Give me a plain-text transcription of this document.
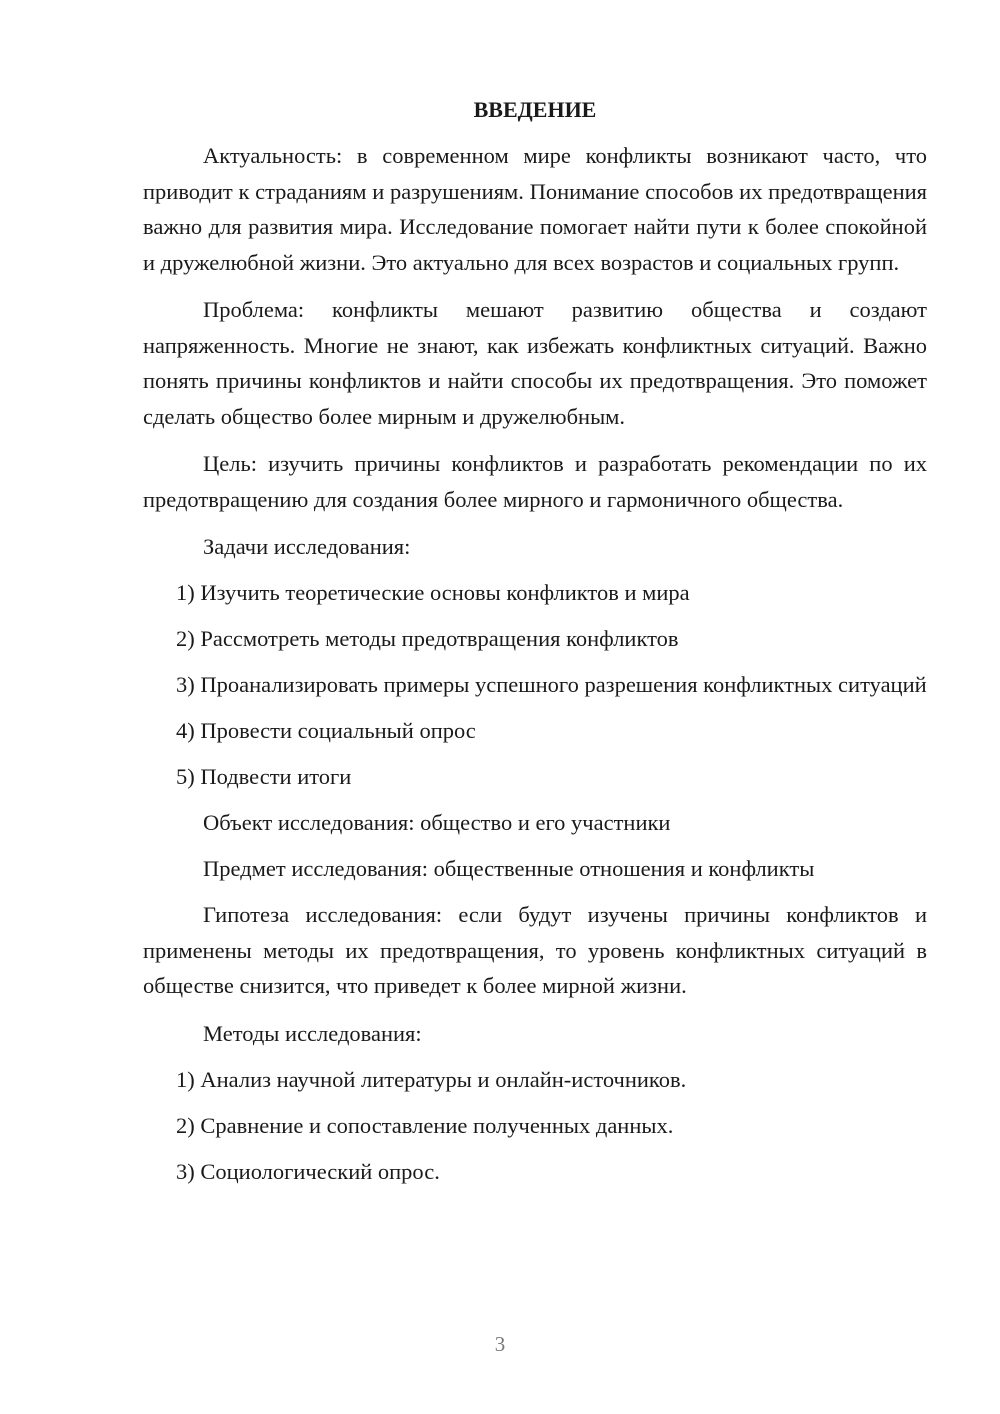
ВВЕДЕНИЕ

Актуальность: в современном мире конфликты возникают часто, что приводит к страданиям и разрушениям. Понимание способов их предотвращения важно для развития мира. Исследование помогает найти пути к более спокойной и дружелюбной жизни. Это актуально для всех возрастов и социальных групп.

Проблема: конфликты мешают развитию общества и создают напряженность. Многие не знают, как избежать конфликтных ситуаций. Важно понять причины конфликтов и найти способы их предотвращения. Это поможет сделать общество более мирным и дружелюбным.

Цель: изучить причины конфликтов и разработать рекомендации по их предотвращению для создания более мирного и гармоничного общества.

Задачи исследования:

1) Изучить теоретические основы конфликтов и мира

2) Рассмотреть методы предотвращения конфликтов

3) Проанализировать примеры успешного разрешения конфликтных ситуаций

4) Провести социальный опрос

5) Подвести итоги

Объект исследования: общество и его участники

Предмет исследования: общественные отношения и конфликты

Гипотеза исследования: если будут изучены причины конфликтов и применены методы их предотвращения, то уровень конфликтных ситуаций в обществе снизится, что приведет к более мирной жизни.

Методы исследования:

1) Анализ научной литературы и онлайн-источников.

2) Сравнение и сопоставление полученных данных.

3) Социологический опрос.

3
